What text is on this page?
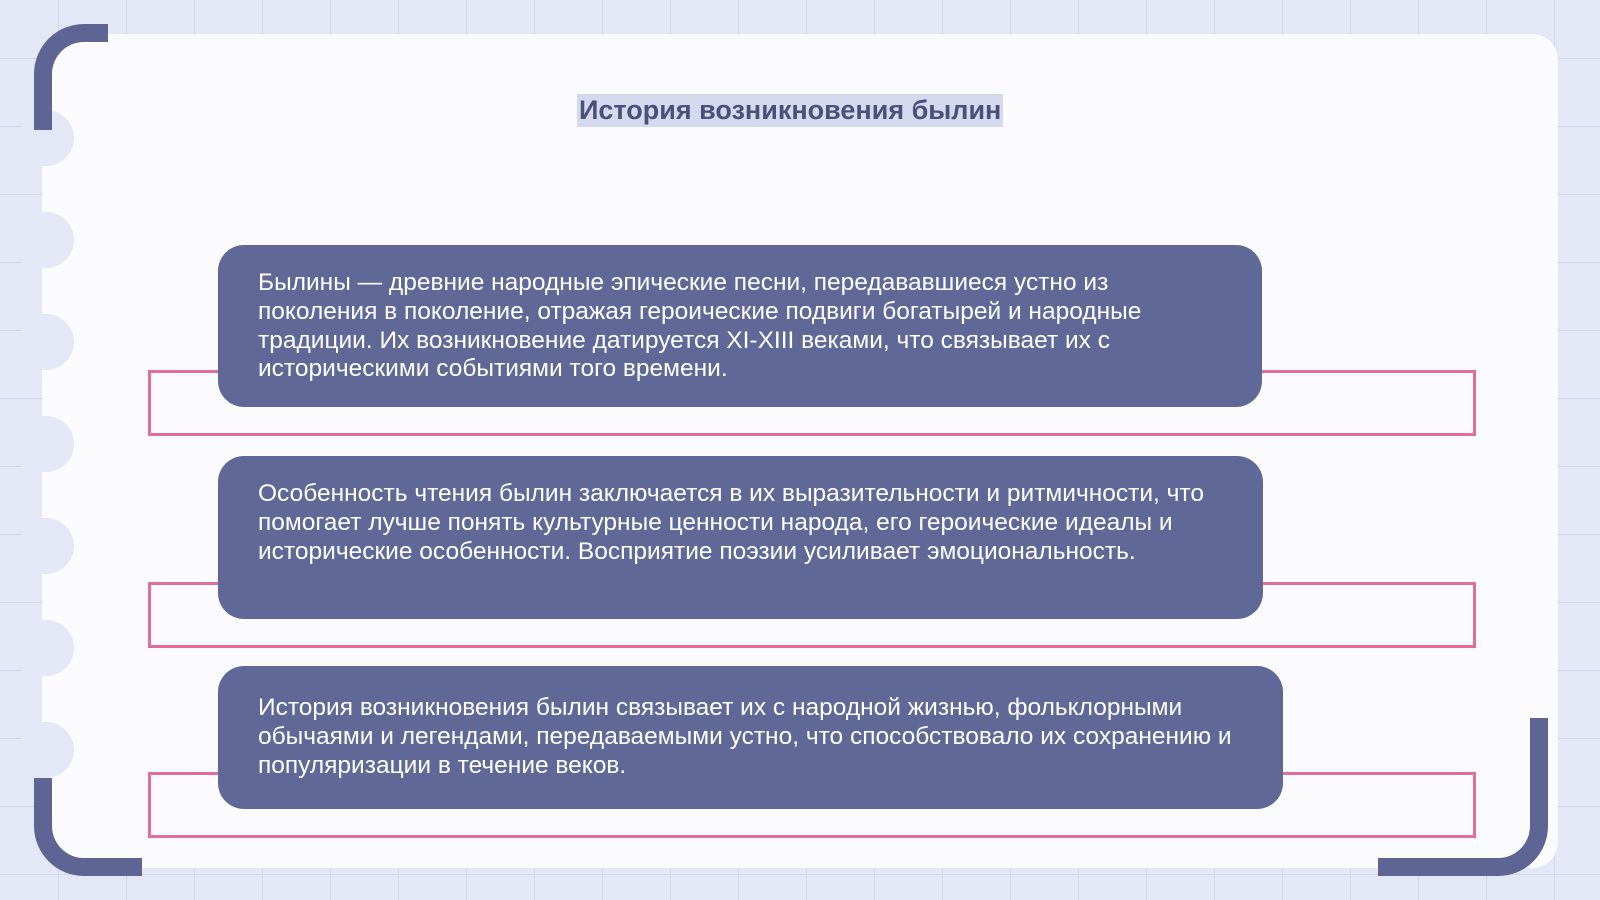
История возникновения былин
Былины — древние народные эпические песни, передававшиеся устно из поколения в поколение, отражая героические подвиги богатырей и народные традиции. Их возникновение датируется XI-XIII веками, что связывает их с историческими событиями того времени.
Особенность чтения былин заключается в их выразительности и ритмичности, что помогает лучше понять культурные ценности народа, его героические идеалы и исторические особенности. Восприятие поэзии усиливает эмоциональность.
История возникновения былин связывает их с народной жизнью, фольклорными обычаями и легендами, передаваемыми устно, что способствовало их сохранению и популяризации в течение веков.
